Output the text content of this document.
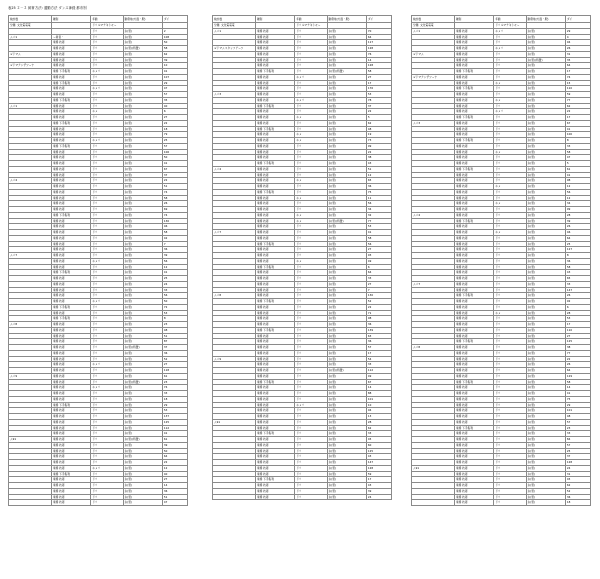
表25 ２－２ 飼育方法: 通勤方法 ダンス神経 都市別
検討数	種別	年齢	勤務地(方面・駅)	ダイ
分類: 文化電電電		ドリルマテキトモー		
		ドリ	お(菅)	2
ムパ1	ー業者・	ドリ	お(菅)	108
	業務 技術	ドリ	お(菅)	50
	業務 技術	ドリ	お(菅)(特置)	58
ゴドマム	業務 技術	ドリ	お(菅)	62
	業務 技術	ドリ	お(菅)	39
ゴドマアンザツーヤ	業務 技術	ドリ	お(菅)	10
	業務 下手集利	ホメリ	お(菅)	41
	業務 技術	ドリ	お(菅)	107
	業務 下手集利	ドリ	お(菅)	29
	業務 技術	ホメリ	お(菅)	47
	業務 技術	ドリ	お(菅)	57
	業務 下手集利	ドリ	お(菅)	35
ムパ1	業務 技術	ドリ	お(菅)	40
	業務 技術	ホメ	お(菅)	6
	業務 技術	ドリ	お(菅)	27
	業務 下手集利	ドリ	お(菅)	22
	業務 技術	ドリ	お(菅)	18
	業務 技術	ドリ	お(菅)	79
	業務 技術	ホメリ	お(菅)	25
	業務 下手集利	ドリ	お(菅)	57
	業務 技術	ドリ	お(菅)	106
	業務 技術	ドリ	お(菅)	50
	業務 技術	ドリ	お(菅)	41
	業務 技術	ドリ	お(菅)	67
	業務 技術	ドリ	お(菅)	37
ムパ4	業務 技術	ドリ	お(菅)	22
	業務 技術	ドリ	お(菅)	51
	業務 技術	ドリ	お(菅)	74
	業務 技術	ドリ	お(菅)	58
	業務 技術	ドリ	お(菅)	26
	業務 技術	ドリ	お(菅)	69
	業務 下手集利	ドリ	お(菅)	74
	業務 技術	ドリ	お(菅)	130
	業務 技術	ドリ	お(菅)	46
	業務 技術	ドリ	お(菅)	58
	業務 技術	ドリ	お(菅)	42
	業務 技術	ドリ	お(菅)	7
	業務 技術	ドリ	お(菅)	36
ムパ7	業務 技術	ドリ	お(菅)	39
	業務 技術	ホメリ	お(菅)	56
	業務 技術	ドリ	お(菅)	12
	業務 下手集利	ドリ	お(菅)	41
	業務 技術	ドリ	お(菅)	25
	業務 技術	ドリ	お(菅)	24
	業務 技術	ドリ	お(菅)	33
	業務 技術	ドリ	お(菅)	56
	業務 技術	ホメリ	お(菅)	50
	業務 下手集利	ドリ	お(菅)	72
	業務 技術	ドリ	お(菅)	53
	業務 下手集利	ドリ	お(菅)	8
ムパ8	業務 技術	ドリ	お(菅)	23
	業務 技術	ドリ	お(菅)	48
	業務 技術	ドリ	お(菅)	51
	業務 技術	ドリ	お(菅)	87
	業務 技術	ドリ	お(菅)(特置)	37
	業務 技術	ドリ	お(菅)	36
	業務 技術	ドリ	お(菅)	52
	業務 技術	ホメリ	お(菅)	27
	業務 技術	ドリ	お(菅)	118
ムパ9	業務 技術	ドリ	お(菅)	61
	業務 技術	ドリ	お(菅)(特置)	23
	業務 技術	ホメリ	お(菅)	74
	業務 技術	ドリ	お(菅)	33
	業務 技術	ドリ	お(菅)	18
	業務 下手集利	ドリ	お(菅)	29
	業務 技術	ドリ	お(菅)	53
	業務 技術	ドリ	お(菅)	137
	業務 技術	ドリ	お(菅)	125
	業務 技術	ドリ	お(菅)	112
	業務 技術	ドリ	お(菅)	41
ム91	業務 技術	ドリ	お(菅)(特置)	61
	業務 技術	ドリ	お(菅)	39
	業務 技術	ドリ	お(菅)	50
	業務 技術	ドリ	お(菅)	64
	業務 技術	ドリ	お(菅)	22
	業務 技術	ホメリ	お(菅)	12
	業務 下手集利	ドリ	お(菅)	40
	業務 技術	ドリ	お(菅)	27
	業務 技術	ドリ	お(菅)	14
	業務 技術	ドリ	お(菅)	36
	業務 技術	ドリ	お(菅)	51
	業務 技術	ドリ	お(菅)	47
検討数	種別	年齢	勤務地(方面・駅)	ダイ
分類: 文化電電電		ドリルマテキトモー		
ムパ1	業務 技術	ドリ	お(菅)	70
	業務 技術	ドリ	お(菅)	64
	業務 技術	ドリ	お(菅)	117
ゴドマムスタッフアーツ	業務 技術	ドリ	お(菅)	128
	業務 技術	ドリ	お(菅)	76
	業務 技術	ドリ	お(菅)	14
	業務 技術	ドリ	お(菅)	128
	業務 下手集利	ドリ	お(菅)(特置)	58
	業務 技術	ホメリ	お(菅)	27
	業務 技術	ドリ	お(菅)	17
	業務 技術	ドリ	お(菅)	176
ムパ3	業務 技術	ドリ	お(菅)	53
	業務 技術	ホメリ	お(菅)	78
	業務 下手集利	ドリ	お(菅)	37
	業務 技術	ドリ	お(菅)	22
	業務 技術	ホメ	お(菅)	5
	業務 技術	ドリ	お(菅)	62
	業務 下手集利	ドリ	お(菅)	48
	業務 技術	ホメ	お(菅)	19
	業務 技術	ホメ	お(菅)	73
	業務 技術	ドリ	お(菅)	99
	業務 技術	ドリ	お(菅)	22
	業務 技術	ドリ	お(菅)	38
	業務 下手集利	ドリ	お(菅)	43
ムパ4	業務 技術	ドリ	お(菅)	51
	業務 技術	ドリ	お(菅)	12
	業務 技術	ホメ	お(菅)	65
	業務 技術	ドリ	お(菅)	36
	業務 下手集利	ドリ	お(菅)	75
	業務 技術	ホメ	お(菅)	11
	業務 技術	ドリ	お(菅)	56
	業務 技術	ドリ	お(菅)	34
	業務 技術	ホメ	お(菅)	32
	業務 技術	ホメ	お(菅)(特置)	77
	業務 技術	ドリ	お(菅)	53
ムパ7	業務 技術	ドリ	お(菅)	41
	業務 技術	ドリ	お(菅)	58
	業務 下手集利	ドリ	お(菅)	56
	業務 技術	ドリ	お(菅)	27
	業務 技術	ドリ	お(菅)	93
	業務 技術	ホメ	お(菅)	49
	業務 下手集利	ドリ	お(菅)	6
	業務 技術	ドリ	お(菅)	64
	業務 技術	ドリ	お(菅)	33
	業務 技術	ドリ	お(菅)	27
	業務 技術	ドリ	お(菅)	7
ムパ8	業務 技術	ドリ	お(菅)	130
	業務 下手集利	ドリ	お(菅)	52
	業務 技術	ドリ	お(菅)	22
	業務 技術	ドリ	お(菅)	71
	業務 技術	ドリ	お(菅)	98
	業務 技術	ドリ	お(菅)	36
	業務 下手集利	ドリ	お(菅)	139
	業務 技術	ドリ	お(菅)	63
	業務 技術	ドリ	お(菅)	36
	業務 技術	ドリ	お(菅)	57
	業務 技術	ドリ	お(菅)	17
ムパ9	業務 技術	ドリ	お(菅)	54
	業務 技術	ドリ	お(菅)	33
	業務 技術	ドリ	お(菅)(特置)	112
	業務 技術	ドリ	お(菅)	49
	業務 下手集利	ドリ	お(菅)	67
	業務 技術	ドリ	お(菅)	14
	業務 技術	ドリ	お(菅)	88
	業務 技術	ドリ	お(菅)	101
	業務 技術	ホメリ	お(菅)	10
	業務 技術	ドリ	お(菅)	94
	業務 技術	ドリ	お(菅)	13
ム91	業務 技術	ドリ	お(菅)	28
	業務 技術	ドリ	お(菅)	62
	業務 下手集利	ドリ	お(菅)	33
	業務 技術	ドリ	お(菅)	45
	業務 技術	ドリ	お(菅)	60
	業務 技術	ドリ	お(菅)	125
	業務 技術	ドリ	お(菅)	43
	業務 技術	ドリ	お(菅)	147
	業務 技術	ドリ	お(菅)	128
	業務 技術	ドリ	お(菅)	59
	業務 下手集利	ドリ	お(菅)	17
	業務 技術	ドリ	お(菅)	43
	業務 技術	ドリ	お(菅)	39
	業務 技術	ドリ	お(菅)	24
検討数	種別	年齢	勤務地(方面・駅)	ダイ
分類: 文化電電電		ドリルマテキトモー		
ムパ1	業務 技術	ホメリ	お(菅)	29
	業務 技術	ドリ	お(菅)	4
	業務 技術	ドリ	お(菅)	94
	業務 技術	ホメリ	お(菅)	26
ゴドマム	業務 技術	ドリ	お(菅)	31
	業務 技術	ドリ	お(菅)(特置)	35
	業務 技術	ドリ	お(菅)	64
	業務 下手集利	ドリ	お(菅)	17
ゴドマアンザツーヤ	業務 技術	ドリ	お(菅)	74
	業務 技術	ホメ	お(菅)	15
	業務 下手集利	ドリ	お(菅)	110
	業務 技術	ドリ	お(菅)	59
	業務 技術	ホメ	お(菅)	77
	業務 技術	ドリ	お(菅)	62
	業務 技術	ホメリ	お(菅)	22
	業務 下手集利	ドリ	お(菅)	17
ムパ3	業務 技術	ドリ	お(菅)	67
	業務 技術	ドリ	お(菅)	41
	業務 技術	ドリ	お(菅)	100
	業務 下手集利	ドリ	お(菅)	8
	業務 技術	ドリ	お(菅)	33
	業務 技術	ホメ	お(菅)	58
	業務 技術	ドリ	お(菅)	47
	業務 技術	ドリ	お(菅)	5
	業務 下手集利	ドリ	お(菅)	61
	業務 技術	ドリ	お(菅)	41
	業務 技術	ドリ	お(菅)	98
	業務 技術	ホメ	お(菅)	12
	業務 技術	ドリ	お(菅)	56
	業務 技術	ドリ	お(菅)	12
	業務 技術	ホメ	お(菅)	34
	業務 技術	ドリ	お(菅)	99
ムパ4	業務 技術	ドリ	お(菅)	28
	業務 下手集利	ドリ	お(菅)	39
	業務 技術	ドリ	お(菅)	26
	業務 技術	ホメ	お(菅)	46
	業務 技術	ドリ	お(菅)	64
	業務 技術	ドリ	お(菅)	25
	業務 技術	ドリ	お(菅)	127
	業務 技術	ドリ	お(菅)	8
	業務 技術	ドリ	お(菅)	36
	業務 技術	ドリ	お(菅)	58
	業務 技術	ドリ	お(菅)	43
	業務 技術	ドリ	お(菅)	65
ムパ7	業務 技術	ドリ	お(菅)	33
	業務 技術	ドリ	お(菅)	147
	業務 下手集利	ドリ	お(菅)	26
	業務 技術	ドリ	お(菅)	92
	業務 技術	ドリ	お(菅)	6
	業務 技術	ホメ	お(菅)	28
	業務 技術	ドリ	お(菅)	53
	業務 技術	ドリ	お(菅)	17
	業務 技術	ドリ	お(菅)	110
	業務 技術	ドリ	お(菅)	27
	業務 下手集利	ドリ	お(菅)	125
ムパ8	業務 技術	ドリ	お(菅)	38
	業務 技術	ドリ	お(菅)	77
	業務 技術	ドリ	お(菅)	22
	業務 技術	ドリ	お(菅)	26
	業務 技術	ドリ	お(菅)	64
	業務 技術	ドリ	お(菅)	129
	業務 下手集利	ドリ	お(菅)	58
	業務 技術	ドリ	お(菅)	14
	業務 技術	ドリ	お(菅)	41
	業務 技術	ドリ	お(菅)	75
	業務 技術	ドリ	お(菅)	29
	業務 技術	ドリ	お(菅)	101
	業務 技術	ドリ	お(菅)	48
	業務 技術	ドリ	お(菅)	57
	業務 下手集利	ドリ	お(菅)	23
	業務 技術	ドリ	お(菅)	33
	業務 技術	ドリ	お(菅)	84
	業務 技術	ドリ	お(菅)	57
	業務 技術	ドリ	お(菅)	25
	業務 技術	ドリ	お(菅)	37
	業務 技術	ドリ	お(菅)	128
ム91	業務 技術	ドリ	お(菅)	24
	業務 技術	ドリ	お(菅)	31
	業務 技術	ドリ	お(菅)	45
	業務 技術	ドリ	お(菅)	62
	業務 技術	ドリ	お(菅)	52
	業務 技術	ドリ	お(菅)	36
	業務 技術	ドリ	お(菅)	18
